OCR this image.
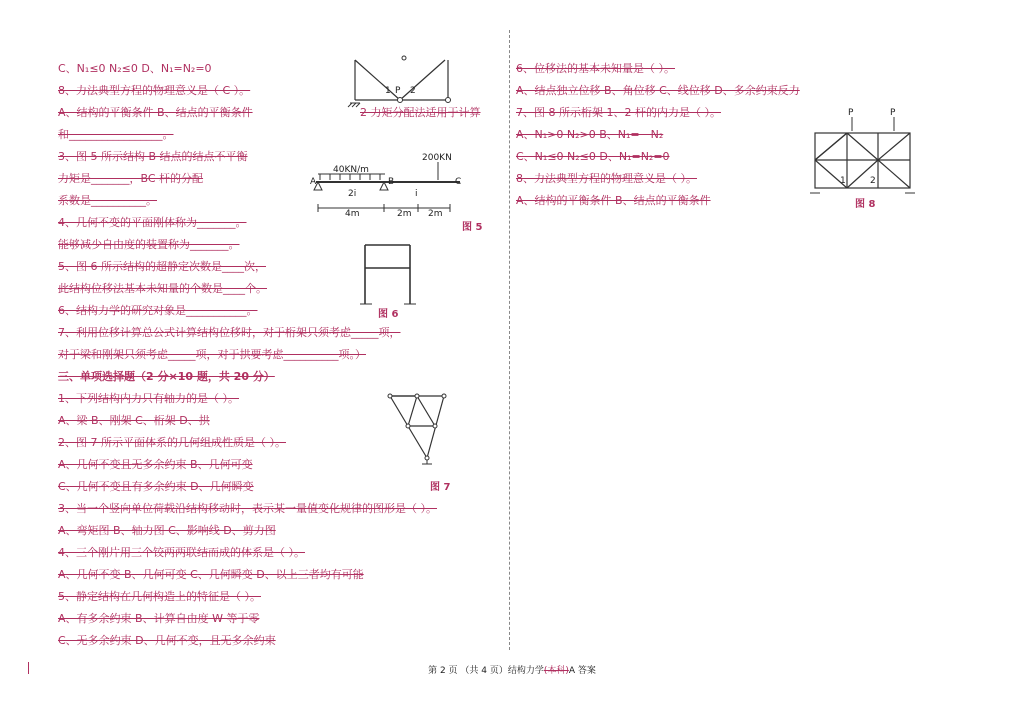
C、N₁≤0 N₂≤0 D、N₁=N₂=0
8、力法典型方程的物理意义是（ C ）。
A、结构的平衡条件 B、结点的平衡条件
和_________________。
3、图 5 所示结构 B 结点的结点不平衡
力矩是_______，BC 杆的分配
系数是__________。
4、几何不变的平面刚体称为_______。
能够减少自由度的装置称为_______。
5、图 6 所示结构的超静定次数是____次，
此结构位移法基本未知量的个数是____个。
6、结构力学的研究对象是___________。
7、利用位移计算总公式计算结构位移时，对于桁架只须考虑_____项，
对于梁和刚架只须考虑_____项，对于拱要考虑__________项。）
三、单项选择题（2 分×10 题，共 20 分）
1、下列结构内力只有轴力的是（ ）。
A、梁 B、刚架 C、桁架 D、拱
2、图 7 所示平面体系的几何组成性质是（ ）。
A、几何不变且无多余约束 B、几何可变
C、几何不变且有多余约束 D、几何瞬变
3、当一个竖向单位荷载沿结构移动时，表示某一量值变化规律的图形是（ ）。
A、弯矩图 B、轴力图 C、影响线 D、剪力图
4、三个刚片用三个铰两两联结而成的体系是（ ）。
A、几何不变 B、几何可变 C、几何瞬变 D、以上三者均有可能
5、静定结构在几何构造上的特征是（ ）。
A、有多余约束 B、计算自由度 W 等于零
C、无多余约束 D、几何不变，且无多余约束
6、位移法的基本未知量是（ ）。
A、结点独立位移 B、角位移 C、线位移 D、多余约束反力
7、图 8 所示桁架 1、2 杆的内力是（ ）。
A、N₁>0 N₂>0 B、N₁=－N₂
C、N₁≤0 N₂≤0 D、N₁=N₂=0
8、力法典型方程的物理意义是（ ）。
A、结构的平衡条件 B、结点的平衡条件
2 力矩分配法适用于计算
1 2
P
40KN/m
200KN
A	B	C
2i	i
4m	2m 2m
图 5
图 6
图 7
P	P
1	2
图 8
第 2 页 （共 4 页）结构力学(本科)A 答案
